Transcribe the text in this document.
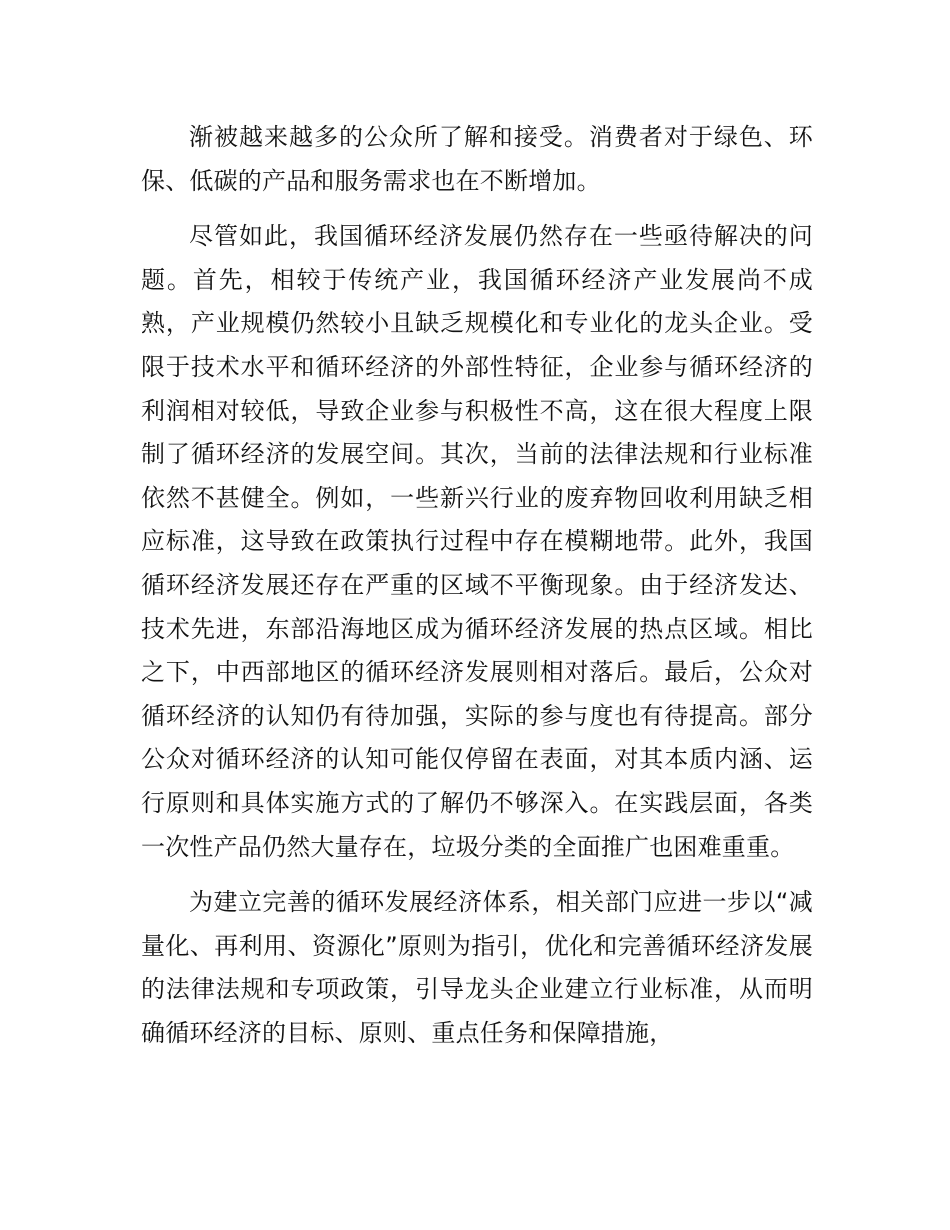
渐被越来越多的公众所了解和接受。消费者对于绿色、环保、低碳的产品和服务需求也在不断增加。

尽管如此，我国循环经济发展仍然存在一些亟待解决的问题。首先，相较于传统产业，我国循环经济产业发展尚不成熟，产业规模仍然较小且缺乏规模化和专业化的龙头企业。受限于技术水平和循环经济的外部性特征，企业参与循环经济的利润相对较低，导致企业参与积极性不高，这在很大程度上限制了循环经济的发展空间。其次，当前的法律法规和行业标准依然不甚健全。例如，一些新兴行业的废弃物回收利用缺乏相应标准，这导致在政策执行过程中存在模糊地带。此外，我国循环经济发展还存在严重的区域不平衡现象。由于经济发达、技术先进，东部沿海地区成为循环经济发展的热点区域。相比之下，中西部地区的循环经济发展则相对落后。最后，公众对循环经济的认知仍有待加强，实际的参与度也有待提高。部分公众对循环经济的认知可能仅停留在表面，对其本质内涵、运行原则和具体实施方式的了解仍不够深入。在实践层面，各类一次性产品仍然大量存在，垃圾分类的全面推广也困难重重。

为建立完善的循环发展经济体系，相关部门应进一步以“减量化、再利用、资源化”原则为指引，优化和完善循环经济发展的法律法规和专项政策，引导龙头企业建立行业标准，从而明确循环经济的目标、原则、重点任务和保障措施，
